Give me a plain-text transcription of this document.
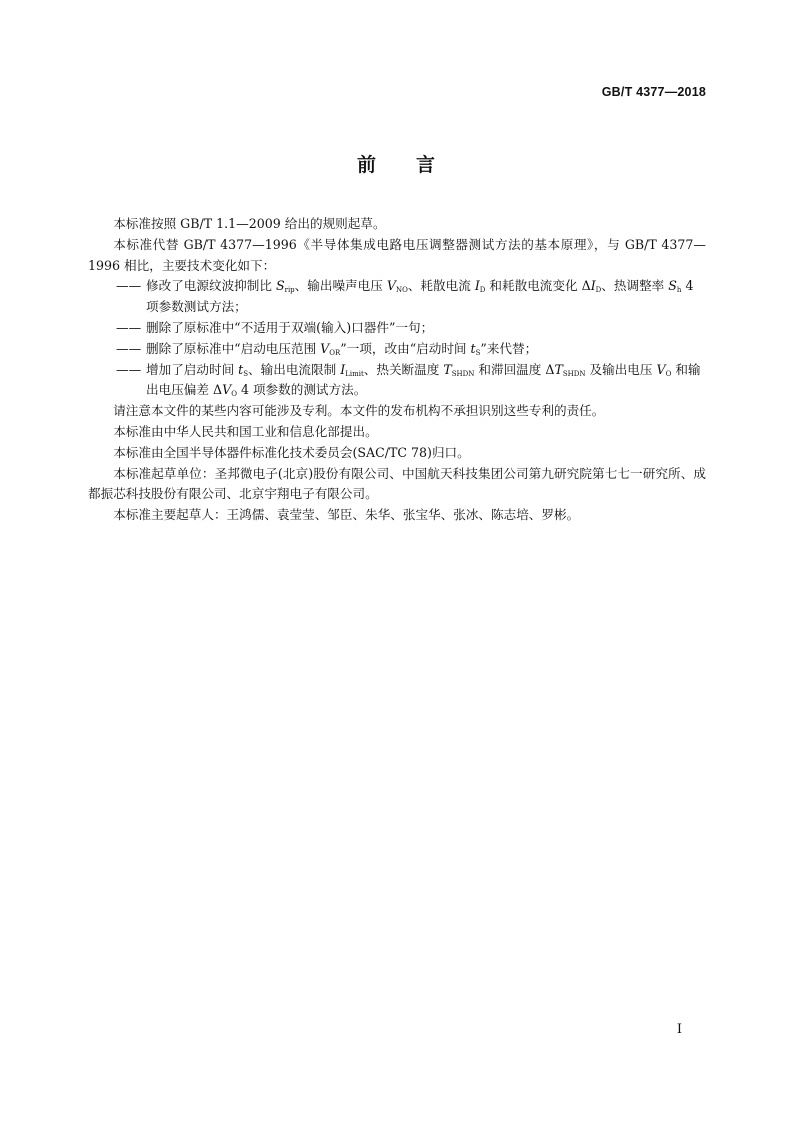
GB/T 4377—2018
前 言

本标准按照 GB/T 1.1—2009 给出的规则起草。

本标准代替 GB/T 4377—1996《半导体集成电路电压调整器测试方法的基本原理》，与 GB/T 4377—1996 相比，主要技术变化如下：

—— 修改了电源纹波抑制比 $S_{rip}$、输出噪声电压 $V_{NO}$、耗散电流 $I_D$ 和耗散电流变化 $\Delta I_D$、热调整率 $S_h$ 4 项参数测试方法；

—— 删除了原标准中“不适用于双端(输入)口器件”一句；

—— 删除了原标准中“启动电压范围 $V_{OR}$”一项，改由“启动时间 $t_S$”来代替；

—— 增加了启动时间 $t_S$、输出电流限制 $I_{Limit}$、热关断温度 $T_{SHDN}$ 和滞回温度 $\Delta T_{SHDN}$ 及输出电压 $V_O$ 和输出电压偏差 $\Delta V_O$ 4 项参数的测试方法。

请注意本文件的某些内容可能涉及专利。本文件的发布机构不承担识别这些专利的责任。

本标准由中华人民共和国工业和信息化部提出。

本标准由全国半导体器件标准化技术委员会(SAC/TC 78)归口。

本标准起草单位：圣邦微电子(北京)股份有限公司、中国航天科技集团公司第九研究院第七七一研究所、成都振芯科技股份有限公司、北京宇翔电子有限公司。

本标准主要起草人：王鸿儒、袁莹莹、邹臣、朱华、张宝华、张冰、陈志培、罗彬。

I
